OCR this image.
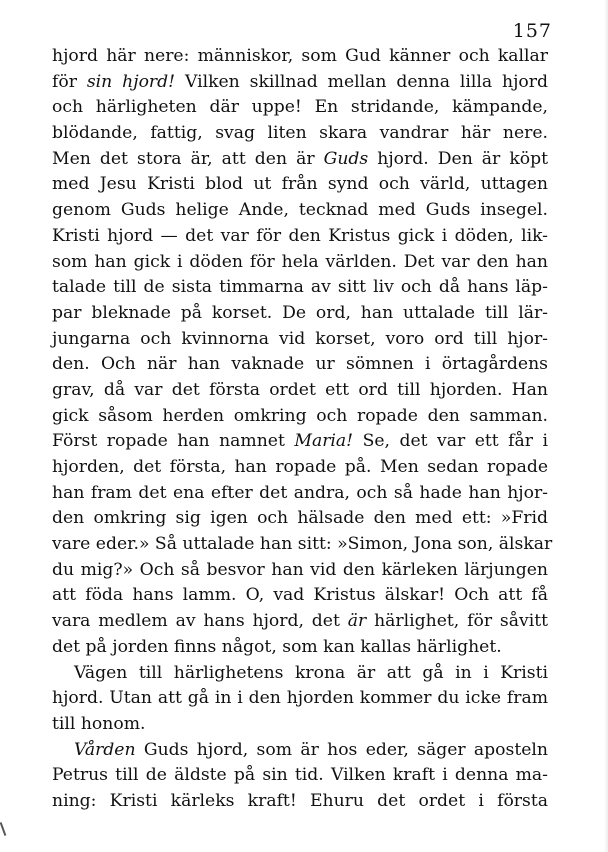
157
hjord här nere: människor, som Gud känner och kallar
för sin hjord! Vilken skillnad mellan denna lilla hjord
och härligheten där uppe! En stridande, kämpande,
blödande, fattig, svag liten skara vandrar här nere.
Men det stora är, att den är Guds hjord. Den är köpt
med Jesu Kristi blod ut från synd och värld, uttagen
genom Guds helige Ande, tecknad med Guds insegel.
Kristi hjord — det var för den Kristus gick i döden, lik-
som han gick i döden för hela världen. Det var den han
talade till de sista timmarna av sitt liv och då hans läp-
par bleknade på korset. De ord, han uttalade till lär-
jungarna och kvinnorna vid korset, voro ord till hjor-
den. Och när han vaknade ur sömnen i örtagårdens
grav, då var det första ordet ett ord till hjorden. Han
gick såsom herden omkring och ropade den samman.
Först ropade han namnet Maria! Se, det var ett får i
hjorden, det första, han ropade på. Men sedan ropade
han fram det ena efter det andra, och så hade han hjor-
den omkring sig igen och hälsade den med ett: »Frid
vare eder.» Så uttalade han sitt: »Simon, Jona son, älskar
du mig?» Och så besvor han vid den kärleken lärjungen
att föda hans lamm. O, vad Kristus älskar! Och att få
vara medlem av hans hjord, det är härlighet, för såvitt
det på jorden finns något, som kan kallas härlighet.
Vägen till härlighetens krona är att gå in i Kristi
hjord. Utan att gå in i den hjorden kommer du icke fram
till honom.
Vården Guds hjord, som är hos eder, säger aposteln
Petrus till de äldste på sin tid. Vilken kraft i denna ma-
ning: Kristi kärleks kraft! Ehuru det ordet i första
